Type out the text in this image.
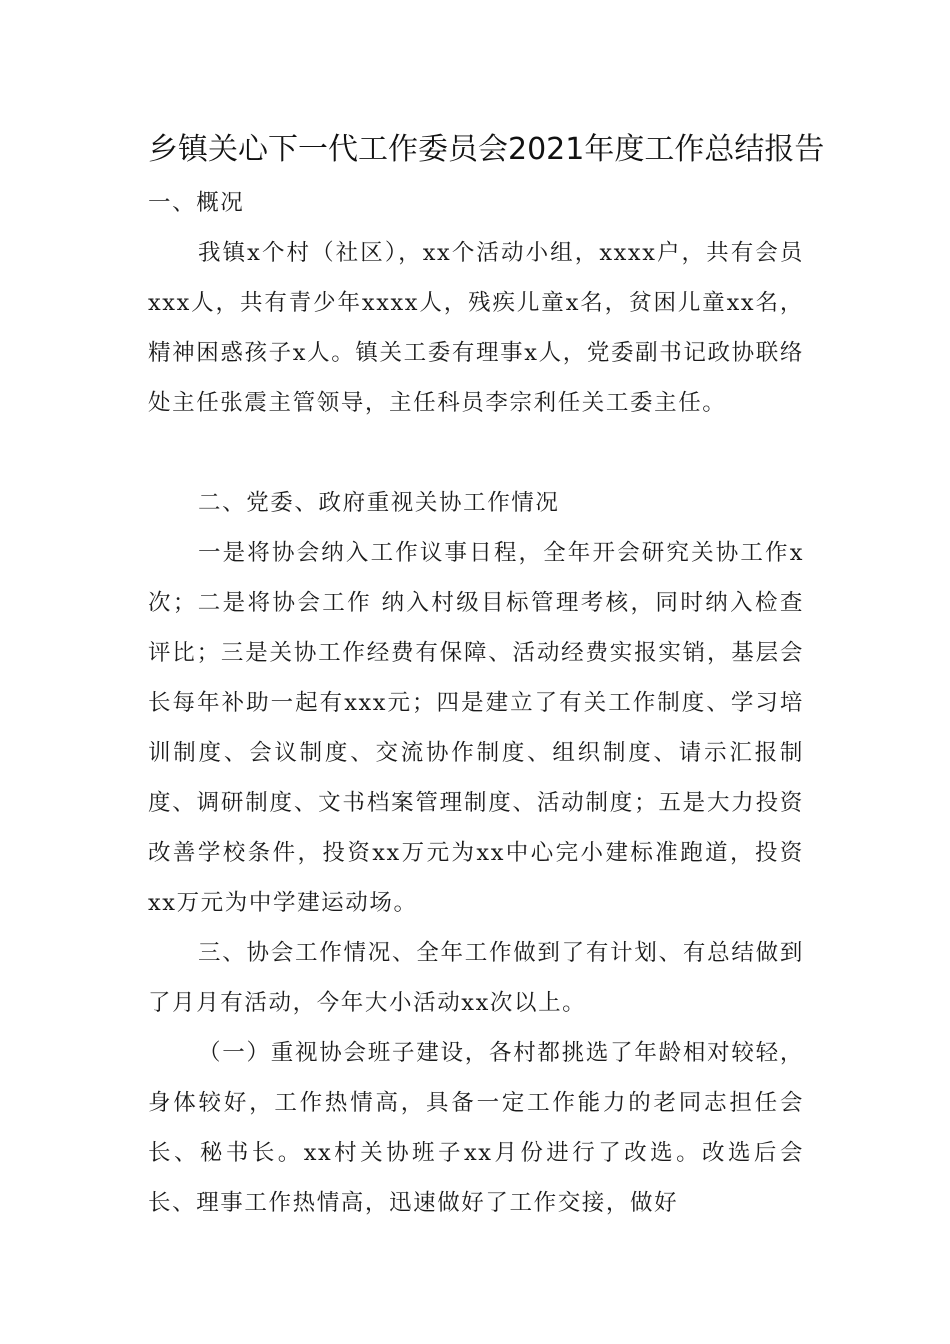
乡镇关心下一代工作委员会2021年度工作总结报告

一、概况

我镇x个村（社区），xx个活动小组，xxxx户，共有会员xxx人，共有青少年xxxx人，残疾儿童x名，贫困儿童xx名，精神困惑孩子x人。镇关工委有理事x人，党委副书记政协联络处主任张震主管领导，主任科员李宗利任关工委主任。

二、党委、政府重视关协工作情况

一是将协会纳入工作议事日程，全年开会研究关协工作x次；二是将协会工作 纳入村级目标管理考核，同时纳入检查评比；三是关协工作经费有保障、活动经费实报实销，基层会长每年补助一起有xxx元；四是建立了有关工作制度、学习培训制度、会议制度、交流协作制度、组织制度、请示汇报制度、调研制度、文书档案管理制度、活动制度；五是大力投资改善学校条件，投资xx万元为xx中心完小建标准跑道，投资xx万元为中学建运动场。

三、协会工作情况、全年工作做到了有计划、有总结做到了月月有活动，今年大小活动xx次以上。

（一）重视协会班子建设，各村都挑选了年龄相对较轻，身体较好，工作热情高，具备一定工作能力的老同志担任会长、秘书长。xx村关协班子xx月份进行了改选。改选后会长、理事工作热情高，迅速做好了工作交接，做好
